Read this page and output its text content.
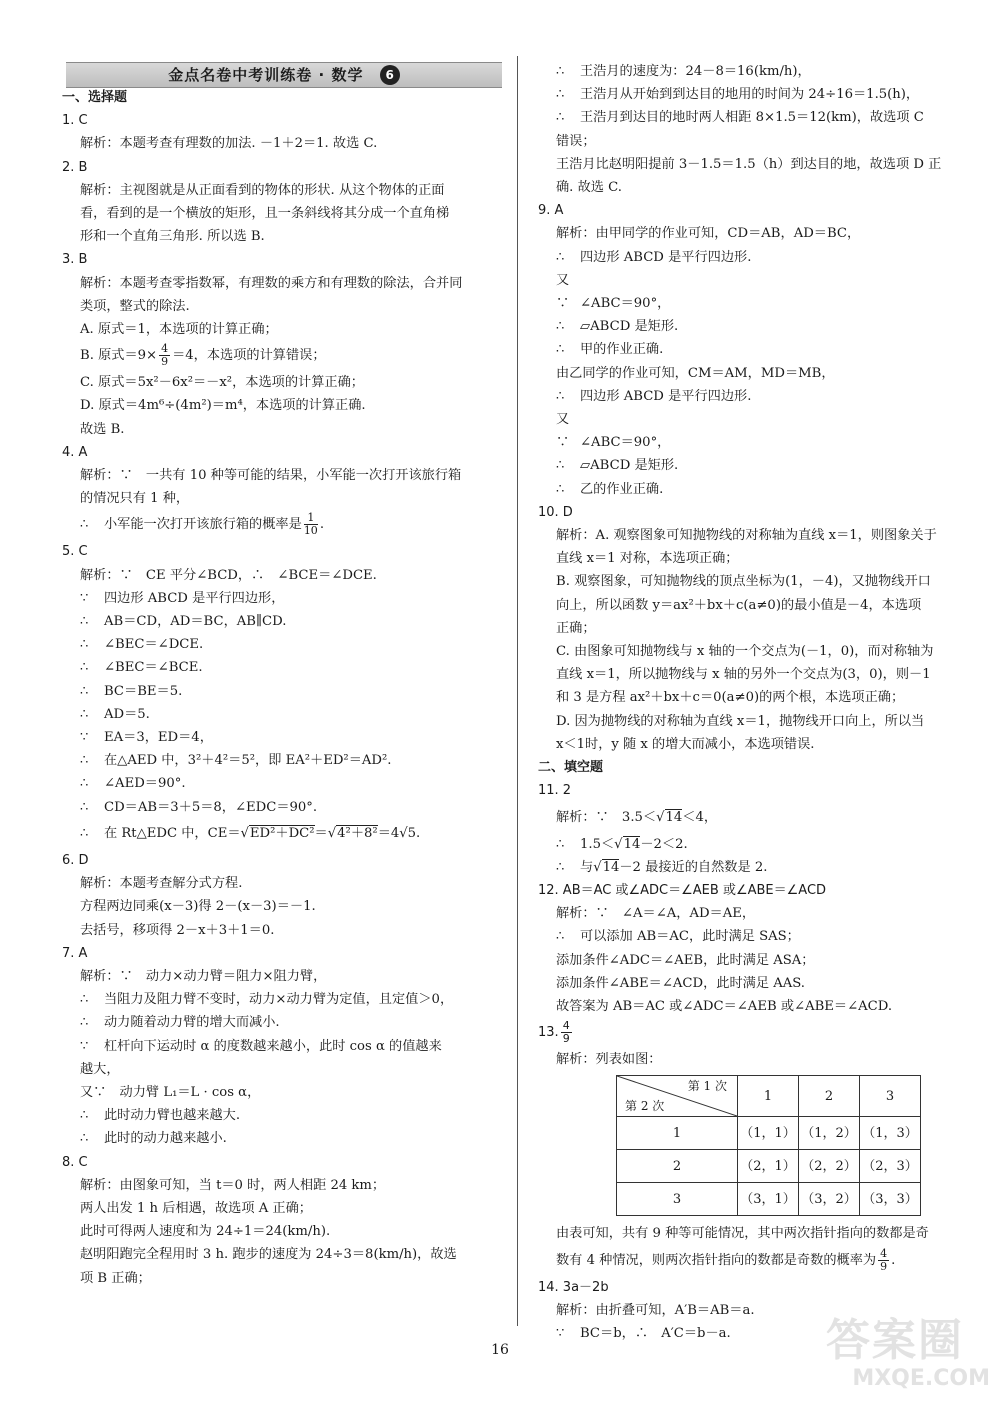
金点名卷中考训练卷 · 数学 6
一、选择题
1. C
解析：本题考查有理数的加法. －1＋2＝1. 故选 C.
2. B
解析：主视图就是从正面看到的物体的形状. 从这个物体的正面
看，看到的是一个横放的矩形，且一条斜线将其分成一个直角梯
形和一个直角三角形. 所以选 B.
3. B
解析：本题考查零指数幂，有理数的乘方和有理数的除法，合并同
类项，整式的除法.
A. 原式＝1，本选项的计算正确；
B. 原式$=9\times \frac{4}{9} =4$，本选项的计算错误；
C. 原式＝5x²－6x²＝－x²，本选项的计算正确；
D. 原式＝4m⁶÷(4m²)＝m⁴，本选项的计算正确.
故选 B.
4. A
解析：∵　一共有 10 种等可能的结果，小军能一次打开该旅行箱
的情况只有 1 种，
∴ 小军能一次打开该旅行箱的概率是 $\frac{1}{10}$ .
5. C
解析：∵　CE 平分∠BCD，∴　∠BCE＝∠DCE.
∵ 四边形 ABCD 是平行四边形，
∴ AB＝CD，AD＝BC，AB∥CD.
∴ ∠BEC＝∠DCE.
∴ ∠BEC＝∠BCE.
∴ BC＝BE＝5.
∴ AD＝5.
∵ EA＝3，ED＝4，
∴ 在△AED 中，3²＋4²＝5²，即 EA²＋ED²＝AD².
∴ ∠AED＝90°.
∴ CD＝AB＝3＋5＝8，∠EDC＝90°.
∴ 在 Rt△EDC 中，CE＝√ED²＋DC²＝√4²＋8²＝4√5.
6. D
解析：本题考查解分式方程.
方程两边同乘(x－3)得 2－(x－3)＝－1.
去括号，移项得 2－x＋3＋1＝0.
7. A
解析：∵　动力×动力臂＝阻力×阻力臂，
∴ 当阻力及阻力臂不变时，动力×动力臂为定值，且定值＞0，
∴ 动力随着动力臂的增大而减小.
∵ 杠杆向下运动时 α 的度数越来越小，此时 cos α 的值越来
越大，
又∵　动力臂 L₁＝L · cos α，
∴ 此时动力臂也越来越大.
∴ 此时的动力越来越小.
8. C
解析：由图象可知，当 t＝0 时，两人相距 24 km；
两人出发 1 h 后相遇，故选项 A 正确；
此时可得两人速度和为 24÷1＝24(km/h).
赵明阳跑完全程用时 3 h. 跑步的速度为 24÷3＝8(km/h)，故选
项 B 正确；
∴ 王浩月的速度为：24－8＝16(km/h)，
∴ 王浩月从开始到到达目的地用的时间为 24÷16＝1.5(h)，
∴ 王浩月到达目的地时两人相距 8×1.5＝12(km)，故选项 C
错误；
王浩月比赵明阳提前 3－1.5＝1.5（h）到达目的地，故选项 D 正
确. 故选 C.
9. A
解析：由甲同学的作业可知，CD＝AB，AD＝BC，
∴ 四边形 ABCD 是平行四边形.
又∵ ∠ABC＝90°，
∴ ▱ABCD 是矩形.
∴ 甲的作业正确.
由乙同学的作业可知，CM＝AM，MD＝MB，
∴ 四边形 ABCD 是平行四边形.
又∵ ∠ABC＝90°，
∴ ▱ABCD 是矩形.
∴ 乙的作业正确.
10. D
解析：A. 观察图象可知抛物线的对称轴为直线 x＝1，则图象关于
直线 x＝1 对称，本选项正确；
B. 观察图象，可知抛物线的顶点坐标为(1，－4)，又抛物线开口
向上，所以函数 y＝ax²＋bx＋c(a≠0)的最小值是－4，本选项
正确；
C. 由图象可知抛物线与 x 轴的一个交点为(－1，0)，而对称轴为
直线 x＝1，所以抛物线与 x 轴的另外一个交点为(3，0)，则－1
和 3 是方程 ax²＋bx＋c＝0(a≠0)的两个根，本选项正确；
D. 因为抛物线的对称轴为直线 x＝1，抛物线开口向上，所以当
x＜1时，y 随 x 的增大而减小，本选项错误.
二、填空题
11. 2
解析：∵　3.5＜√14＜4，
∴ 1.5＜√14－2＜2.
∴ 与√14－2 最接近的自然数是 2.
12. AB＝AC 或∠ADC＝∠AEB 或∠ABE＝∠ACD
解析：∵　∠A＝∠A，AD＝AE，
∴ 可以添加 AB＝AC，此时满足 SAS；
添加条件∠ADC＝∠AEB，此时满足 ASA；
添加条件∠ABE＝∠ACD，此时满足 AAS.
故答案为 AB＝AC 或∠ADC＝∠AEB 或∠ABE＝∠ACD.
13. $\frac{4}{9}$
解析：列表如图：
第 1 次
第 2 次	1	2	3
1	（1，1）	（1，2）	（1，3）
2	（2，1）	（2，2）	（2，3）
3	（3，1）	（3，2）	（3，3）
由表可知，共有 9 种等可能情况，其中两次指针指向的数都是奇
数有 4 种情况，则两次指针指向的数都是奇数的概率为 $\frac{4}{9}$ .
14. 3a－2b
解析：由折叠可知，A′B＝AB＝a.
∵ BC＝b，∴　A′C＝b－a.
16	答案圈
MXQE.COM
